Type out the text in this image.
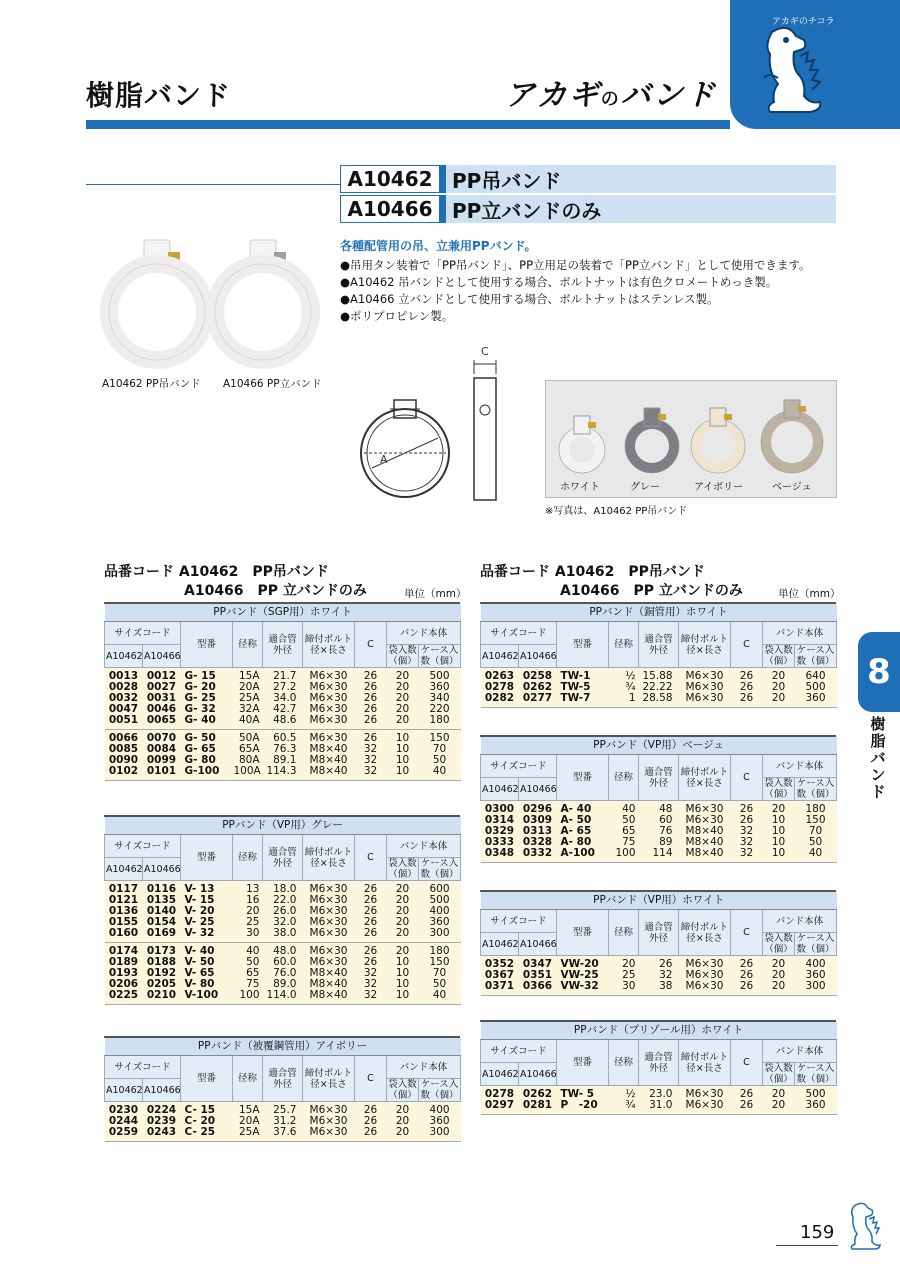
樹脂バンド	アカギのバンド
アカギのチコラ
A10462 PP吊バンド
A10466 PP立バンドのみ
各種配管用の吊、立兼用PPバンド。
●吊用タン装着で「PP吊バンド」、PP立用足の装着で「PP立バンド」として使用できます。
●A10462 吊バンドとして使用する場合、ボルトナットは有色クロメートめっき製。
●A10466 立バンドとして使用する場合、ボルトナットはステンレス製。
●ポリプロピレン製。
A10462 PP吊バンド A10466 PP立バンド
A
C
ホワイト	グレー	アイボリー	ベージュ
※写真は、A10462 PP吊バンド
品番コード A10462　PP吊バンド
A10466　PP 立バンドのみ	単位（mm）
品番コード A10462　PP吊バンド
A10466　PP 立バンドのみ	単位（mm）
8
樹
脂
バ
ン
ド
159
PPバンド（SGP用）ホワイト								
サイズコード		型番	径称	適合管外径	締付ボルト径×長さ	C	バンド本体	
A10462	A10466						袋入数（個）	ケース入数（個）
0013	0012	G- 15	15A	21.7	M6×30	26	20	500
0028	0027	G- 20	20A	27.2	M6×30	26	20	360
0032	0031	G- 25	25A	34.0	M6×30	26	20	340
0047	0046	G- 32	32A	42.7	M6×30	26	20	220
0051	0065	G- 40	40A	48.6	M6×30	26	20	180
0066	0070	G- 50	50A	60.5	M6×30	26	10	150
0085	0084	G- 65	65A	76.3	M8×40	32	10	70
0090	0099	G- 80	80A	89.1	M8×40	32	10	50
0102	0101	G-100	100A	114.3	M8×40	32	10	40
PPバンド（VP用）グレー								
サイズコード		型番	径称	適合管外径	締付ボルト径×長さ	C	バンド本体	
A10462	A10466						袋入数（個）	ケース入数（個）
0117	0116	V- 13	13	18.0	M6×30	26	20	600
0121	0135	V- 15	16	22.0	M6×30	26	20	500
0136	0140	V- 20	20	26.0	M6×30	26	20	400
0155	0154	V- 25	25	32.0	M6×30	26	20	360
0160	0169	V- 32	30	38.0	M6×30	26	20	300
0174	0173	V- 40	40	48.0	M6×30	26	20	180
0189	0188	V- 50	50	60.0	M6×30	26	10	150
0193	0192	V- 65	65	76.0	M8×40	32	10	70
0206	0205	V- 80	75	89.0	M8×40	32	10	50
0225	0210	V-100	100	114.0	M8×40	32	10	40
PPバンド（被覆鋼管用）アイボリー								
サイズコード		型番	径称	適合管外径	締付ボルト径×長さ	C	バンド本体	
A10462	A10466						袋入数（個）	ケース入数（個）
0230	0224	C- 15	15A	25.7	M6×30	26	20	400
0244	0239	C- 20	20A	31.2	M6×30	26	20	360
0259	0243	C- 25	25A	37.6	M6×30	26	20	300
PPバンド（銅管用）ホワイト								
サイズコード		型番	径称	適合管外径	締付ボルト径×長さ	C	バンド本体	
A10462	A10466						袋入数（個）	ケース入数（個）
0263	0258	TW-1	½	15.88	M6×30	26	20	640
0278	0262	TW-5	¾	22.22	M6×30	26	20	500
0282	0277	TW-7	1	28.58	M6×30	26	20	360
PPバンド（VP用）ベージュ								
サイズコード		型番	径称	適合管外径	締付ボルト径×長さ	C	バンド本体	
A10462	A10466						袋入数（個）	ケース入数（個）
0300	0296	A- 40	40	48	M6×30	26	20	180
0314	0309	A- 50	50	60	M6×30	26	10	150
0329	0313	A- 65	65	76	M8×40	32	10	70
0333	0328	A- 80	75	89	M8×40	32	10	50
0348	0332	A-100	100	114	M8×40	32	10	40
PPバンド（VP用）ホワイト								
サイズコード		型番	径称	適合管外径	締付ボルト径×長さ	C	バンド本体	
A10462	A10466						袋入数（個）	ケース入数（個）
0352	0347	VW-20	20	26	M6×30	26	20	400
0367	0351	VW-25	25	32	M6×30	26	20	360
0371	0366	VW-32	30	38	M6×30	26	20	300
PPバンド（プリゾール用）ホワイト								
サイズコード		型番	径称	適合管外径	締付ボルト径×長さ	C	バンド本体	
A10462	A10466						袋入数（個）	ケース入数（個）
0278	0262	TW- 5	½	23.0	M6×30	26	20	500
0297	0281	P　-20	¾	31.0	M6×30	26	20	360
